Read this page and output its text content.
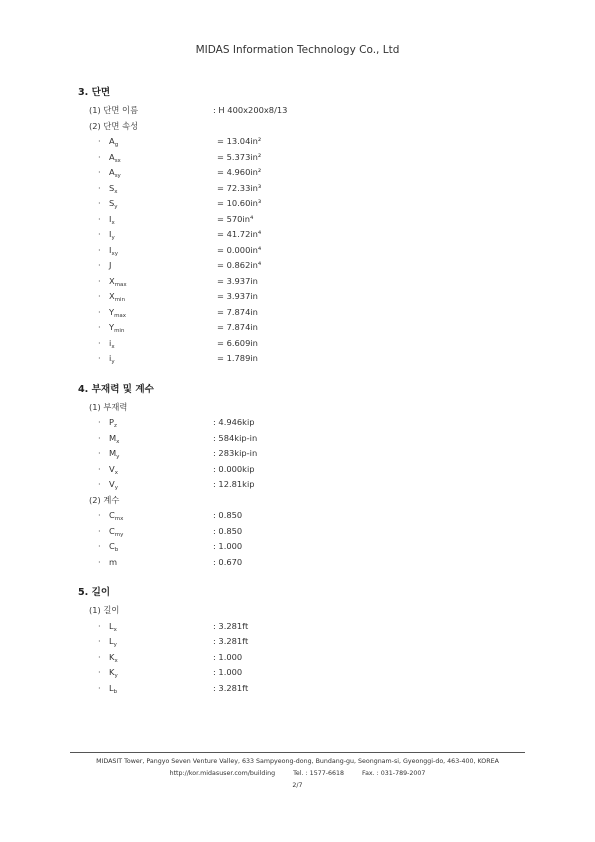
MIDAS Information Technology Co., Ltd
3. 단면
(1) 단면 이름	: H 400x200x8/13
(2) 단면 속성
· $A_g$	= 13.04in²
· $A_{sx}$	= 5.373in²
· $A_{sy}$	= 4.960in²
· $S_x$	= 72.33in³
· $S_y$	= 10.60in³
· $I_x$	= 570in⁴
· $I_y$	= 41.72in⁴
· $I_{xy}$	= 0.000in⁴
· J	= 0.862in⁴
· $X_{max}$	= 3.937in
· $X_{min}$	= 3.937in
· $Y_{max}$	= 7.874in
· $Y_{min}$	= 7.874in
· $i_x$	= 6.609in
· $i_y$	= 1.789in
4. 부재력 및 계수
(1) 부재력
· $P_z$	: 4.946kip
· $M_x$	: 584kip-in
· $M_y$	: 283kip-in
· $V_x$	: 0.000kip
· $V_y$	: 12.81kip
(2) 계수
· $C_{mx}$	: 0.850
· $C_{my}$	: 0.850
· $C_b$	: 1.000
· m	: 0.670
5. 길이
(1) 길이
· $L_x$	: 3.281ft
· $L_y$	: 3.281ft
· $K_x$	: 1.000
· $K_y$	: 1.000
· $L_b$	: 3.281ft
MIDASIT Tower, Pangyo Seven Venture Valley, 633 Sampyeong-dong, Bundang-gu, Seongnam-si, Gyeonggi-do, 463-400, KOREA
http://kor.midasuser.com/building	Tel. : 1577-6618	Fax. : 031-789-2007
2/7
